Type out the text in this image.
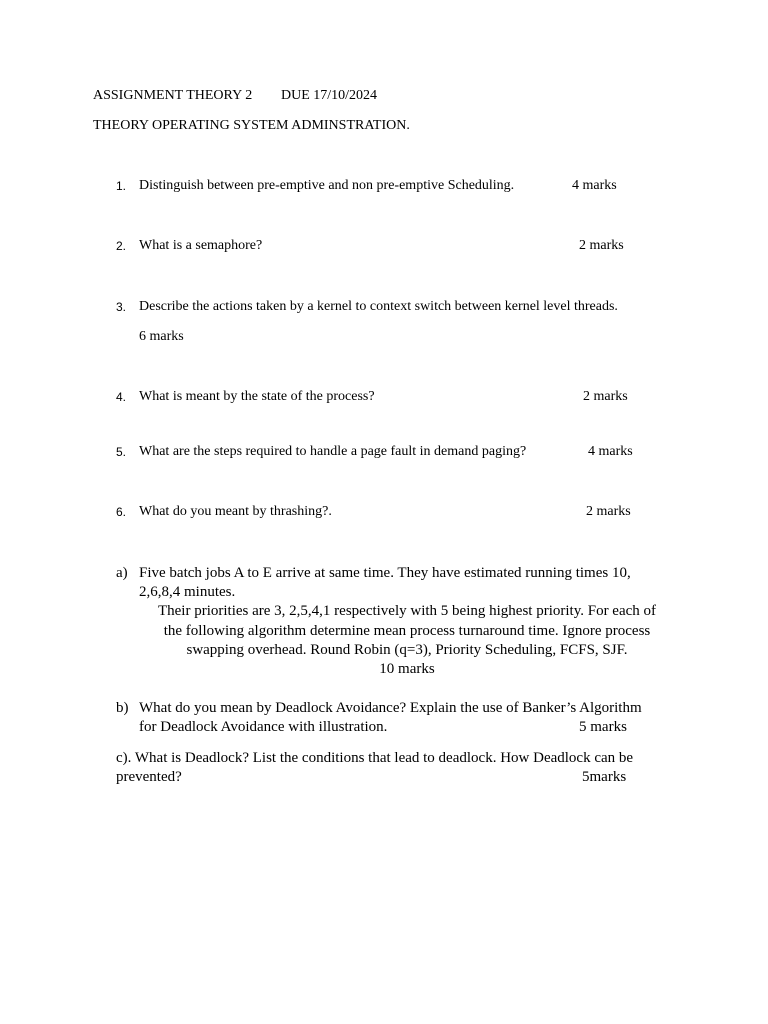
ASSIGNMENT THEORY 2 DUE 17/10/2024
THEORY OPERATING SYSTEM ADMINSTRATION.
1. Distinguish between pre-emptive and non pre-emptive Scheduling.	4 marks
2. What is a semaphore?	2 marks
3. Describe the actions taken by a kernel to context switch between kernel level threads.
6 marks
4. What is meant by the state of the process?	2 marks
5. What are the steps required to handle a page fault in demand paging?	4 marks
6. What do you meant by thrashing?.	2 marks
a) Five batch jobs A to E arrive at same time. They have estimated running times 10,
2,6,8,4 minutes.
Their priorities are 3, 2,5,4,1 respectively with 5 being highest priority. For each of
the following algorithm determine mean process turnaround time. Ignore process
swapping overhead. Round Robin (q=3), Priority Scheduling, FCFS, SJF.
10 marks
b) What do you mean by Deadlock Avoidance? Explain the use of Banker’s Algorithm
for Deadlock Avoidance with illustration.	5 marks
c). What is Deadlock? List the conditions that lead to deadlock. How Deadlock can be
prevented?	5marks
